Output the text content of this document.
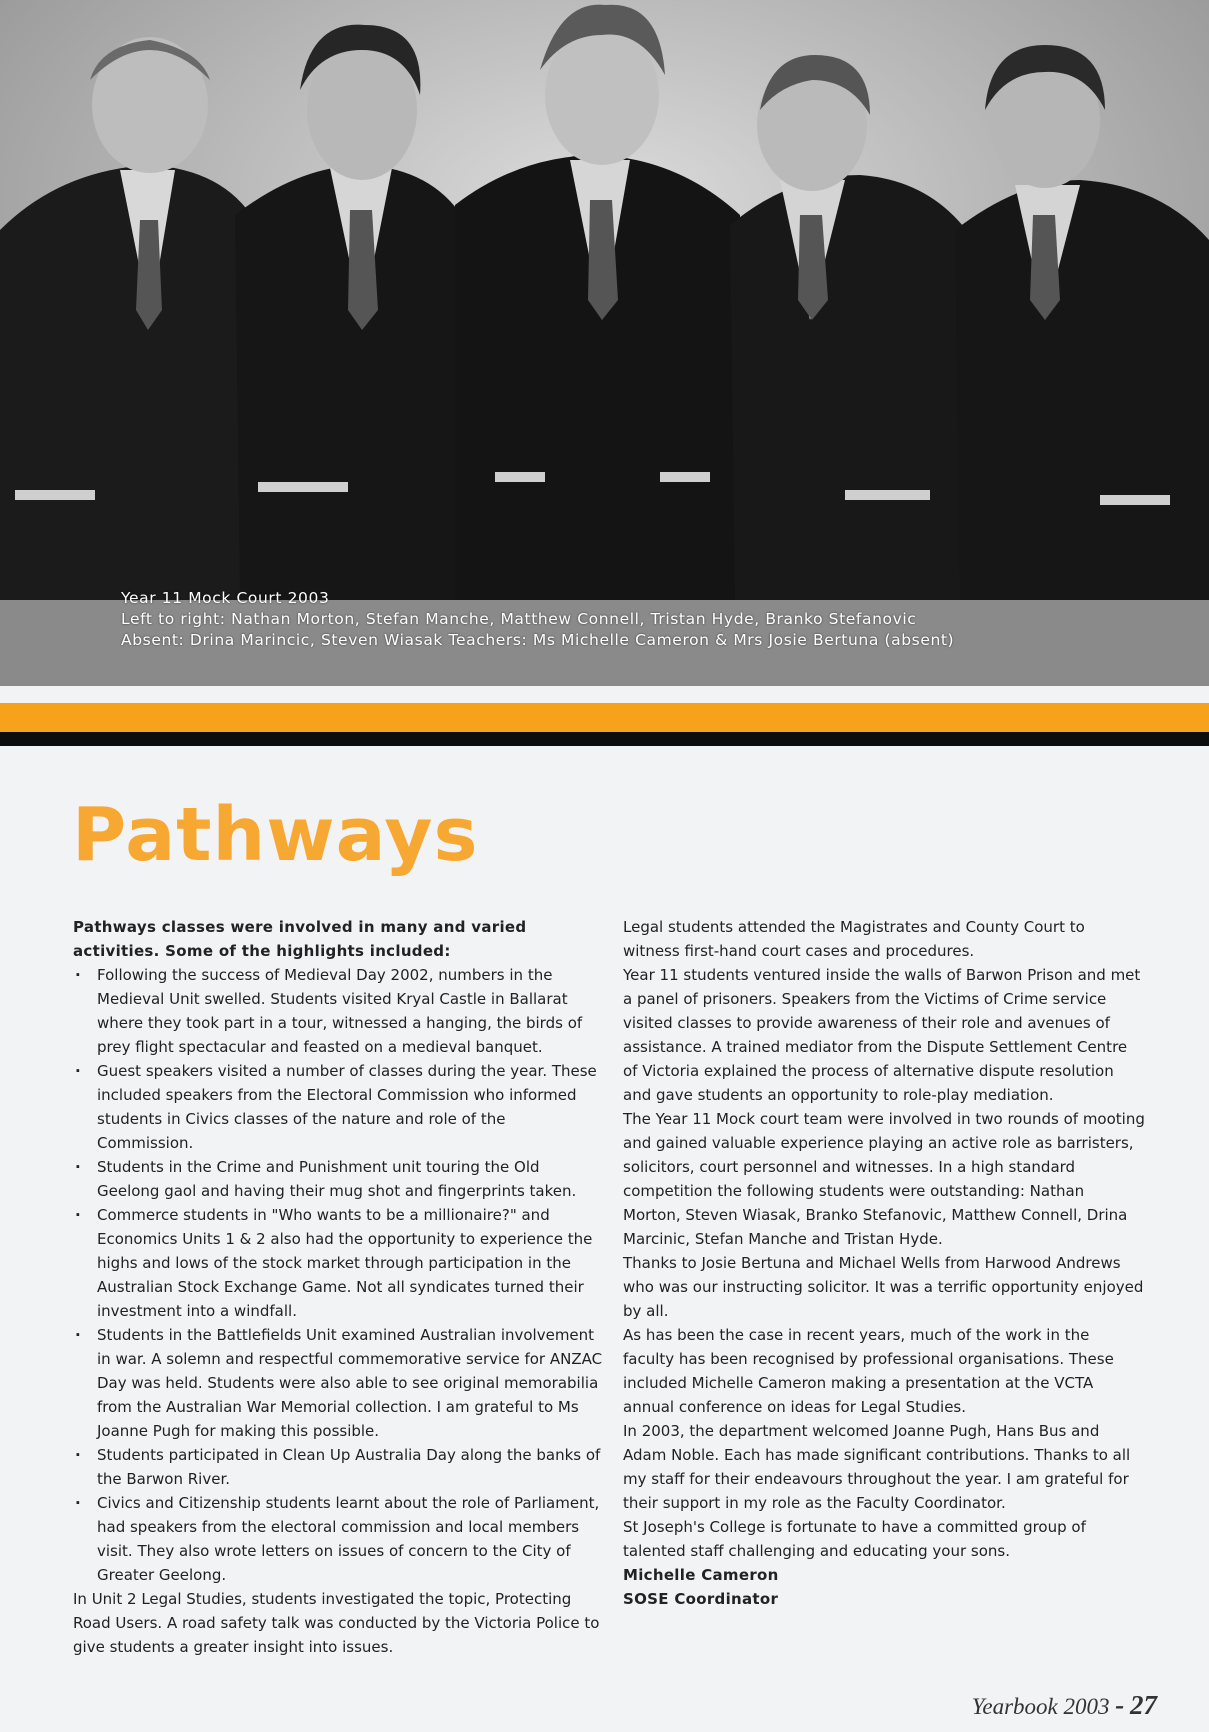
Year 11 Mock Court 2003
Left to right: Nathan Morton, Stefan Manche, Matthew Connell, Tristan Hyde, Branko Stefanovic
Absent: Drina Marincic, Steven Wiasak Teachers: Ms Michelle Cameron & Mrs Josie Bertuna (absent)
Pathways

Pathways classes were involved in many and varied activities. Some of the highlights included:

· Following the success of Medieval Day 2002, numbers in the Medieval Unit swelled. Students visited Kryal Castle in Ballarat where they took part in a tour, witnessed a hanging, the birds of prey flight spectacular and feasted on a medieval banquet.
· Guest speakers visited a number of classes during the year. These included speakers from the Electoral Commission who informed students in Civics classes of the nature and role of the Commission.
· Students in the Crime and Punishment unit touring the Old Geelong gaol and having their mug shot and fingerprints taken.
· Commerce students in "Who wants to be a millionaire?" and Economics Units 1 & 2 also had the opportunity to experience the highs and lows of the stock market through participation in the Australian Stock Exchange Game. Not all syndicates turned their investment into a windfall.
· Students in the Battlefields Unit examined Australian involvement in war. A solemn and respectful commemorative service for ANZAC Day was held. Students were also able to see original memorabilia from the Australian War Memorial collection. I am grateful to Ms Joanne Pugh for making this possible.
· Students participated in Clean Up Australia Day along the banks of the Barwon River.
· Civics and Citizenship students learnt about the role of Parliament, had speakers from the electoral commission and local members visit. They also wrote letters on issues of concern to the City of Greater Geelong.

In Unit 2 Legal Studies, students investigated the topic, Protecting Road Users. A road safety talk was conducted by the Victoria Police to give students a greater insight into issues.

Legal students attended the Magistrates and County Court to witness first-hand court cases and procedures.

Year 11 students ventured inside the walls of Barwon Prison and met a panel of prisoners. Speakers from the Victims of Crime service visited classes to provide awareness of their role and avenues of assistance. A trained mediator from the Dispute Settlement Centre of Victoria explained the process of alternative dispute resolution and gave students an opportunity to role-play mediation.

The Year 11 Mock court team were involved in two rounds of mooting and gained valuable experience playing an active role as barristers, solicitors, court personnel and witnesses. In a high standard competition the following students were outstanding: Nathan Morton, Steven Wiasak, Branko Stefanovic, Matthew Connell, Drina Marcinic, Stefan Manche and Tristan Hyde.

Thanks to Josie Bertuna and Michael Wells from Harwood Andrews who was our instructing solicitor. It was a terrific opportunity enjoyed by all.

As has been the case in recent years, much of the work in the faculty has been recognised by professional organisations. These included Michelle Cameron making a presentation at the VCTA annual conference on ideas for Legal Studies.

In 2003, the department welcomed Joanne Pugh, Hans Bus and Adam Noble. Each has made significant contributions. Thanks to all my staff for their endeavours throughout the year. I am grateful for their support in my role as the Faculty Coordinator.

St Joseph's College is fortunate to have a committed group of talented staff challenging and educating your sons.

Michelle Cameron

SOSE Coordinator

Yearbook 2003 - 27
